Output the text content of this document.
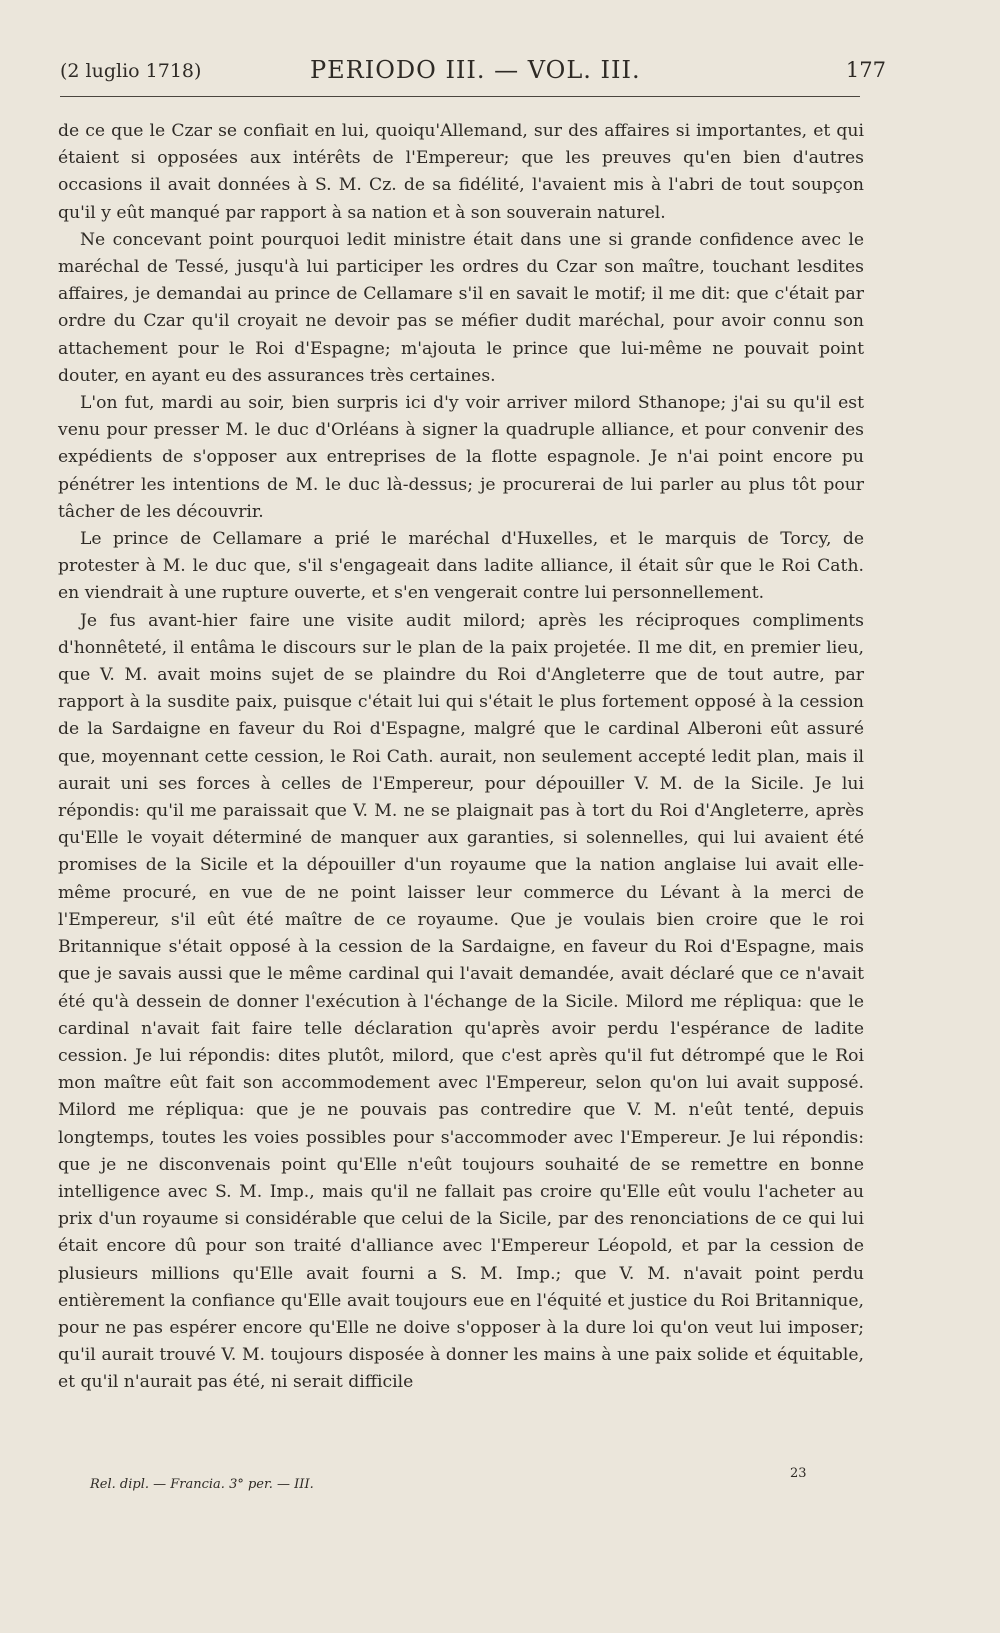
(2 luglio 1718)	PERIODO III. — VOL. III.	177

de ce que le Czar se confiait en lui, quoiqu'Allemand, sur des affaires si importantes, et qui étaient si opposées aux intérêts de l'Empereur; que les preuves qu'en bien d'autres occasions il avait données à S. M. Cz. de sa fidélité, l'avaient mis à l'abri de tout soupçon qu'il y eût manqué par rapport à sa nation et à son souverain naturel.

Ne concevant point pourquoi ledit ministre était dans une si grande confidence avec le maréchal de Tessé, jusqu'à lui participer les ordres du Czar son maître, touchant lesdites affaires, je demandai au prince de Cellamare s'il en savait le motif; il me dit: que c'était par ordre du Czar qu'il croyait ne devoir pas se méfier dudit maréchal, pour avoir connu son attachement pour le Roi d'Espagne; m'ajouta le prince que lui-même ne pouvait point douter, en ayant eu des assurances très certaines.

L'on fut, mardi au soir, bien surpris ici d'y voir arriver milord Sthanope; j'ai su qu'il est venu pour presser M. le duc d'Orléans à signer la quadruple alliance, et pour convenir des expédients de s'opposer aux entreprises de la flotte espagnole. Je n'ai point encore pu pénétrer les intentions de M. le duc là-dessus; je procurerai de lui parler au plus tôt pour tâcher de les découvrir.

Le prince de Cellamare a prié le maréchal d'Huxelles, et le marquis de Torcy, de protester à M. le duc que, s'il s'engageait dans ladite alliance, il était sûr que le Roi Cath. en viendrait à une rupture ouverte, et s'en vengerait contre lui personnellement.

Je fus avant-hier faire une visite audit milord; après les réciproques compliments d'honnêteté, il entâma le discours sur le plan de la paix projetée. Il me dit, en premier lieu, que V. M. avait moins sujet de se plaindre du Roi d'Angleterre que de tout autre, par rapport à la susdite paix, puisque c'était lui qui s'était le plus fortement opposé à la cession de la Sardaigne en faveur du Roi d'Espagne, malgré que le cardinal Alberoni eût assuré que, moyennant cette cession, le Roi Cath. aurait, non seulement accepté ledit plan, mais il aurait uni ses forces à celles de l'Empereur, pour dépouiller V. M. de la Sicile. Je lui répondis: qu'il me paraissait que V. M. ne se plaignait pas à tort du Roi d'Angleterre, après qu'Elle le voyait déterminé de manquer aux garanties, si solennelles, qui lui avaient été promises de la Sicile et la dépouiller d'un royaume que la nation anglaise lui avait elle-même procuré, en vue de ne point laisser leur commerce du Lévant à la merci de l'Empereur, s'il eût été maître de ce royaume. Que je voulais bien croire que le roi Britannique s'était opposé à la cession de la Sardaigne, en faveur du Roi d'Espagne, mais que je savais aussi que le même cardinal qui l'avait demandée, avait déclaré que ce n'avait été qu'à dessein de donner l'exécution à l'échange de la Sicile. Milord me répliqua: que le cardinal n'avait fait faire telle déclaration qu'après avoir perdu l'espérance de ladite cession. Je lui répondis: dites plutôt, milord, que c'est après qu'il fut détrompé que le Roi mon maître eût fait son accommodement avec l'Empereur, selon qu'on lui avait supposé. Milord me répliqua: que je ne pouvais pas contredire que V. M. n'eût tenté, depuis longtemps, toutes les voies possibles pour s'accommoder avec l'Empereur. Je lui répondis: que je ne disconvenais point qu'Elle n'eût toujours souhaité de se remettre en bonne intelligence avec S. M. Imp., mais qu'il ne fallait pas croire qu'Elle eût voulu l'acheter au prix d'un royaume si considérable que celui de la Sicile, par des renonciations de ce qui lui était encore dû pour son traité d'alliance avec l'Empereur Léopold, et par la cession de plusieurs millions qu'Elle avait fourni a S. M. Imp.; que V. M. n'avait point perdu entièrement la confiance qu'Elle avait toujours eue en l'équité et justice du Roi Britannique, pour ne pas espérer encore qu'Elle ne doive s'opposer à la dure loi qu'on veut lui imposer; qu'il aurait trouvé V. M. toujours disposée à donner les mains à une paix solide et équitable, et qu'il n'aurait pas été, ni serait difficile

Rel. dipl. — Francia. 3° per. — III.
23
